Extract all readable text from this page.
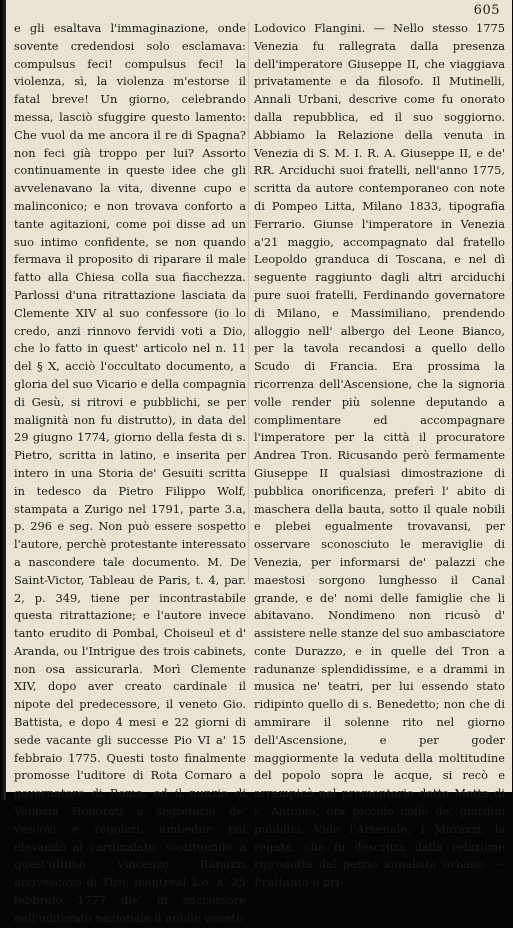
605

e gli esaltava l'immaginazione, onde sovente credendosi solo esclamava: compulsus feci! compulsus feci! la violenza, sì, la violenza m'estorse il fatal breve! Un giorno, celebrando messa, lasciò sfuggire questo lamento: Che vuol da me ancora il re di Spagna? non feci già troppo per lui? Assorto continuamente in queste idee che gli avvelenavano la vita, divenne cupo e malinconico; e non trovava conforto a tante agitazioni, come poi disse ad un suo intimo confidente, se non quando fermava il proposito di riparare il male fatto alla Chiesa colla sua fiacchezza. Parlossi d'una ritrattazione lasciata da Clemente XIV al suo confessore (io lo credo, anzi rinnovo fervidi voti a Dio, che lo fatto in quest' articolo nel n. 11 del § X, acciò l'occultato documento, a gloria del suo Vicario e della compagnia di Gesù, si ritrovi e pubblichi, se per malignità non fu distrutto), in data del 29 giugno 1774, giorno della festa di s. Pietro, scritta in latino, e inserita per intero in una Storia de' Gesuiti scritta in tedesco da Pietro Filippo Wolf, stampata a Zurigo nel 1791, parte 3.a, p. 296 e seg. Non può essere sospetto l'autore, perchè protestante interessato a nascondere tale documento. M. De Saint-Victor, Tableau de Paris, t. 4, par. 2, p. 349, tiene per incontrastabile questa ritrattazione; e l'autore invece tanto erudito di Pombal, Choiseul et d' Aranda, ou l'Intrigue des trois cabinets, non osa assicurarla. Morì Clemente XIV, dopo aver creato cardinale il nipote del predecessore, il veneto Gio. Battista, e dopo 4 mesi e 22 giorni di sede vacante gli successe Pio VI a' 15 febbraio 1775. Questi tosto finalmente promosse l'uditore di Rota Cornaro a governatore di Roma, ed il nunzio di Venezia Honorati a segretario de' vescovi e regolari, ambedue poi elevando al cardinalato, sostituendo a quest'ultimo Vincenzo Ranuzzi arcivescovo di Tiro; mentreal 1.o, a' 25 febbraio 1777 die' in successore nell'uditorato nazionale il nobile veneto

Lodovico Flangini. — Nello stesso 1775 Venezia fu rallegrata dalla presenza dell'imperatore Giuseppe II, che viaggiava privatamente e da filosofo. Il Mutinelli, Annali Urbani, descrive come fu onorato dalla repubblica, ed il suo soggiorno. Abbiamo la Relazione della venuta in Venezia di S. M. I. R. A. Giuseppe II, e de' RR. Arciduchi suoi fratelli, nell'anno 1775, scritta da autore contemporaneo con note di Pompeo Litta, Milano 1833, tipografia Ferrario. Giunse l'imperatore in Venezia a'21 maggio, accompagnato dal fratello Leopoldo granduca di Toscana, e nel dì seguente raggiunto dagli altri arciduchi pure suoi fratelli, Ferdinando governatore di Milano, e Massimiliano, prendendo alloggio nell' albergo del Leone Bianco, per la tavola recandosi a quello dello Scudo di Francia. Era prossima la ricorrenza dell'Ascensione, che la signoria volle render più solenne deputando a complimentare ed accompagnare l'imperatore per la città il procuratore Andrea Tron. Ricusando però fermamente Giuseppe II qualsiasi dimostrazione di pubblica onorificenza, preferì l' abito di maschera della bauta, sotto il quale nobili e plebei egualmente trovavansi, per osservare sconosciuto le meraviglie di Venezia, per informarsi de' palazzi che maestosi sorgono lunghesso il Canal grande, e de' nomi delle famiglie che li abitavano. Nondimeno non ricusò d' assistere nelle stanze del suo ambasciatore conte Durazzo, e in quelle del Tron a radunanze splendidissime, e a drammi in musica ne' teatri, per lui essendo stato ridipinto quello di s. Benedetto; non che di ammirare il solenne rito nel giorno dell'Ascensione, e per goder maggiormente la veduta della moltitudine del popolo sopra le acque, si recò e arrampicò nel promontorio detto Motta di s. Antonio, ora piccolo colle de' giardini pubblici. Vide l'Arsenale, i Murazzi, la regata, che fu descritta dalla relazione riprodotta dal patrio annalista urbano. — Frattanto e pri-
